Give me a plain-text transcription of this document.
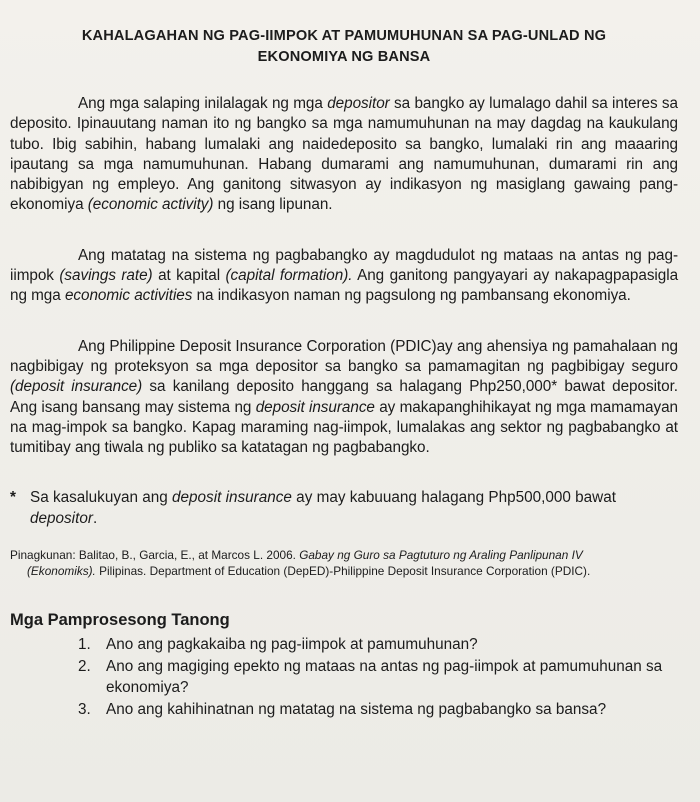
KAHALAGAHAN NG PAG-IIMPOK AT PAMUMUHUNAN SA PAG-UNLAD NG
EKONOMIYA NG BANSA

Ang mga salaping inilalagak ng mga depositor sa bangko ay lumalago dahil sa interes sa deposito. Ipinauutang naman ito ng bangko sa mga namumuhunan na may dagdag na kaukulang tubo. Ibig sabihin, habang lumalaki ang naidedeposito sa bangko, lumalaki rin ang maaaring ipautang sa mga namumuhunan. Habang dumarami ang namumuhunan, dumarami rin ang nabibigyan ng empleyo. Ang ganitong sitwasyon ay indikasyon ng masiglang gawaing pang-ekonomiya (economic activity) ng isang lipunan.

Ang matatag na sistema ng pagbabangko ay magdudulot ng mataas na antas ng pag-iimpok (savings rate) at kapital (capital formation). Ang ganitong pangyayari ay nakapagpapasigla ng mga economic activities na indikasyon naman ng pagsulong ng pambansang ekonomiya.

Ang Philippine Deposit Insurance Corporation (PDIC)ay ang ahensiya ng pamahalaan ng nagbibigay ng proteksyon sa mga depositor sa bangko sa pamamagitan ng pagbibigay seguro (deposit insurance) sa kanilang deposito hanggang sa halagang Php250,000* bawat depositor. Ang isang bansang may sistema ng deposit insurance ay makapanghihikayat ng mga mamamayan na mag-impok sa bangko. Kapag maraming nag-iimpok, lumalakas ang sektor ng pagbabangko at tumitibay ang tiwala ng publiko sa katatagan ng pagbabangko.

* Sa kasalukuyan ang deposit insurance ay may kabuuang halagang Php500,000 bawat depositor.
Pinagkunan: Balitao, B., Garcia, E., at Marcos L. 2006. Gabay ng Guro sa Pagtuturo ng Araling Panlipunan IV
(Ekonomiks). Pilipinas. Department of Education (DepED)-Philippine Deposit Insurance Corporation (PDIC).
Mga Pamprosesong Tanong
1. Ano ang pagkakaiba ng pag-iimpok at pamumuhunan?
2. Ano ang magiging epekto ng mataas na antas ng pag-iimpok at pamumuhunan sa ekonomiya?
3. Ano ang kahihinatnan ng matatag na sistema ng pagbabangko sa bansa?
